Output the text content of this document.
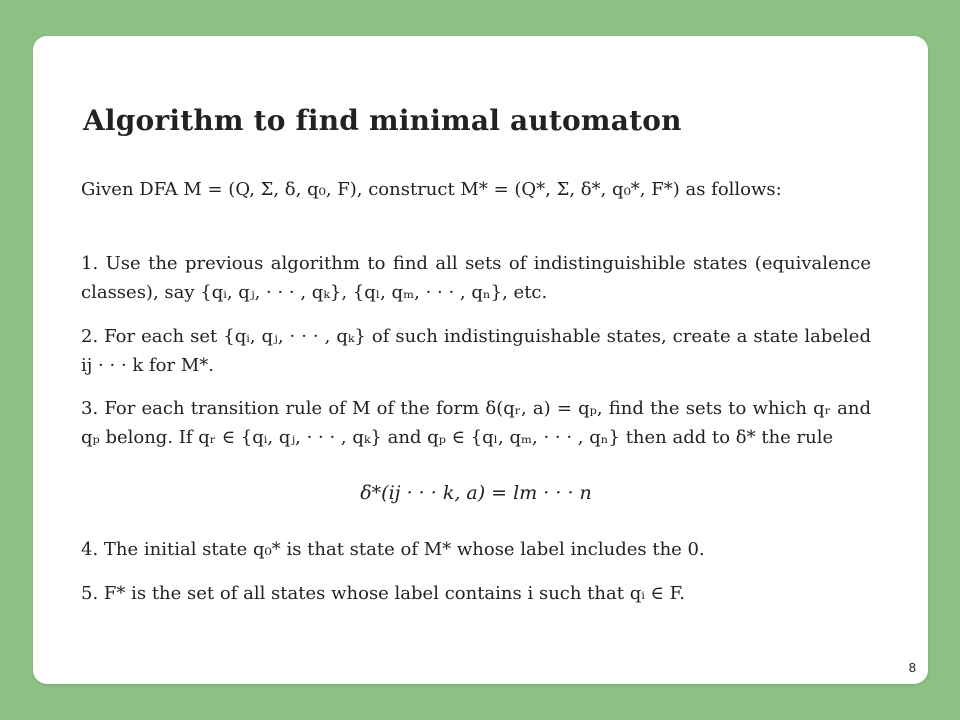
Algorithm to find minimal automaton
Given DFA M = (Q, Σ, δ, q₀, F), construct M* = (Q*, Σ, δ*, q₀*, F*) as follows:
1. Use the previous algorithm to find all sets of indistinguishible states (equivalence classes), say {qᵢ, qⱼ, · · · , qₖ}, {qₗ, qₘ, · · · , qₙ}, etc.
2. For each set {qᵢ, qⱼ, · · · , qₖ} of such indistinguishable states, create a state labeled ij · · · k for M*.
3. For each transition rule of M of the form δ(qᵣ, a) = qₚ, find the sets to which qᵣ and qₚ belong. If qᵣ ∈ {qᵢ, qⱼ, · · · , qₖ} and qₚ ∈ {qₗ, qₘ, · · · , qₙ} then add to δ* the rule
δ*(ij · · · k, a) = lm · · · n
4. The initial state q₀* is that state of M* whose label includes the 0.
5. F* is the set of all states whose label contains i such that qᵢ ∈ F.
8
